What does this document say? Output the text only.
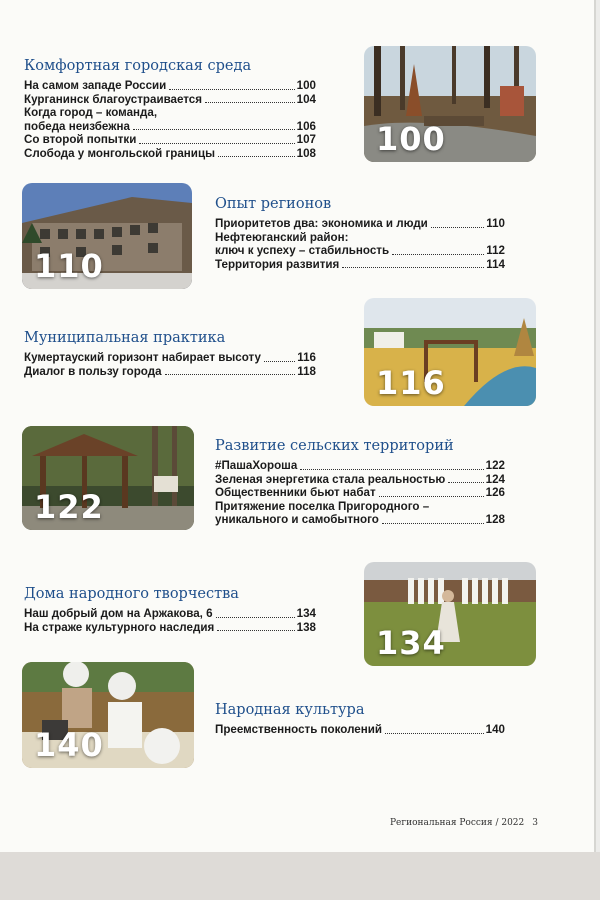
Комфортная городская среда
На самом западе России	100
Курганинск благоустраивается	104
Когда город – команда,
победа неизбежна	106
Со второй попытки	107
Слобода у монгольской границы	108 100
110
Опыт регионов
Приоритетов два: экономика и люди	110
Нефтеюганский район:
ключ к успеху – стабильность	112
Территория развития	114
Муниципальная практика
Кумертауский горизонт набирает высоту	116
Диалог в пользу города	118 116
122
Развитие сельских территорий
#ПашаХороша	122
Зеленая энергетика стала реальностью	124
Общественники бьют набат	126
Притяжение поселка Пригородного –
уникального и самобытного	128
Дома народного творчества
Наш добрый дом на Аржакова, 6	134
На страже культурного наследия	138 134
140
Народная культура
Преемственность поколений	140
Региональная Россия / 2022 3
